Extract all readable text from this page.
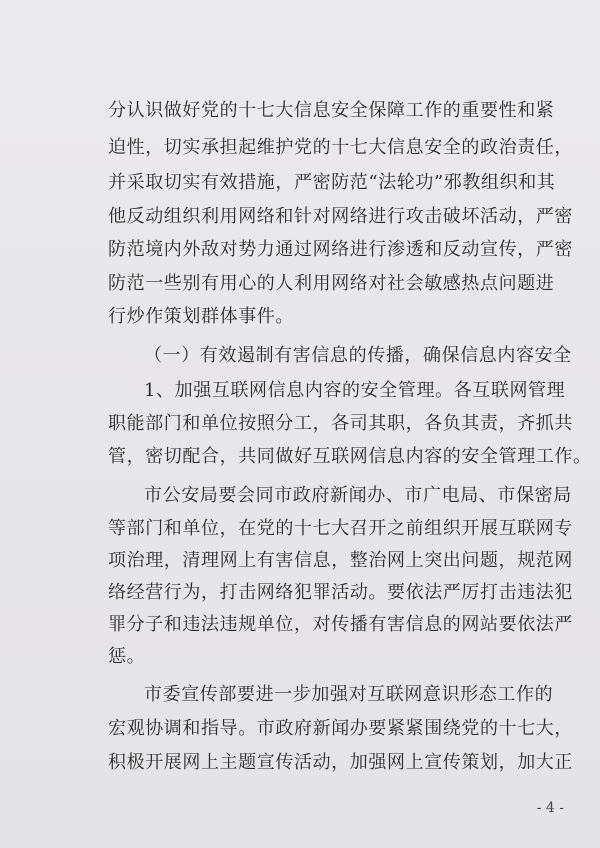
分认识做好党的十七大信息安全保障工作的重要性和紧
迫性，切实承担起维护党的十七大信息安全的政治责任，
并采取切实有效措施，严密防范“法轮功”邪教组织和其
他反动组织利用网络和针对网络进行攻击破坏活动，严密
防范境内外敌对势力通过网络进行渗透和反动宣传，严密
防范一些别有用心的人利用网络对社会敏感热点问题进
行炒作策划群体事件。
（一）有效遏制有害信息的传播，确保信息内容安全
1、加强互联网信息内容的安全管理。各互联网管理
职能部门和单位按照分工，各司其职，各负其责，齐抓共
管，密切配合，共同做好互联网信息内容的安全管理工作。
市公安局要会同市政府新闻办、市广电局、市保密局
等部门和单位，在党的十七大召开之前组织开展互联网专
项治理，清理网上有害信息，整治网上突出问题，规范网
络经营行为，打击网络犯罪活动。要依法严厉打击违法犯
罪分子和违法违规单位，对传播有害信息的网站要依法严
惩。
市委宣传部要进一步加强对互联网意识形态工作的
宏观协调和指导。市政府新闻办要紧紧围绕党的十七大，
积极开展网上主题宣传活动，加强网上宣传策划，加大正
- 4 -
